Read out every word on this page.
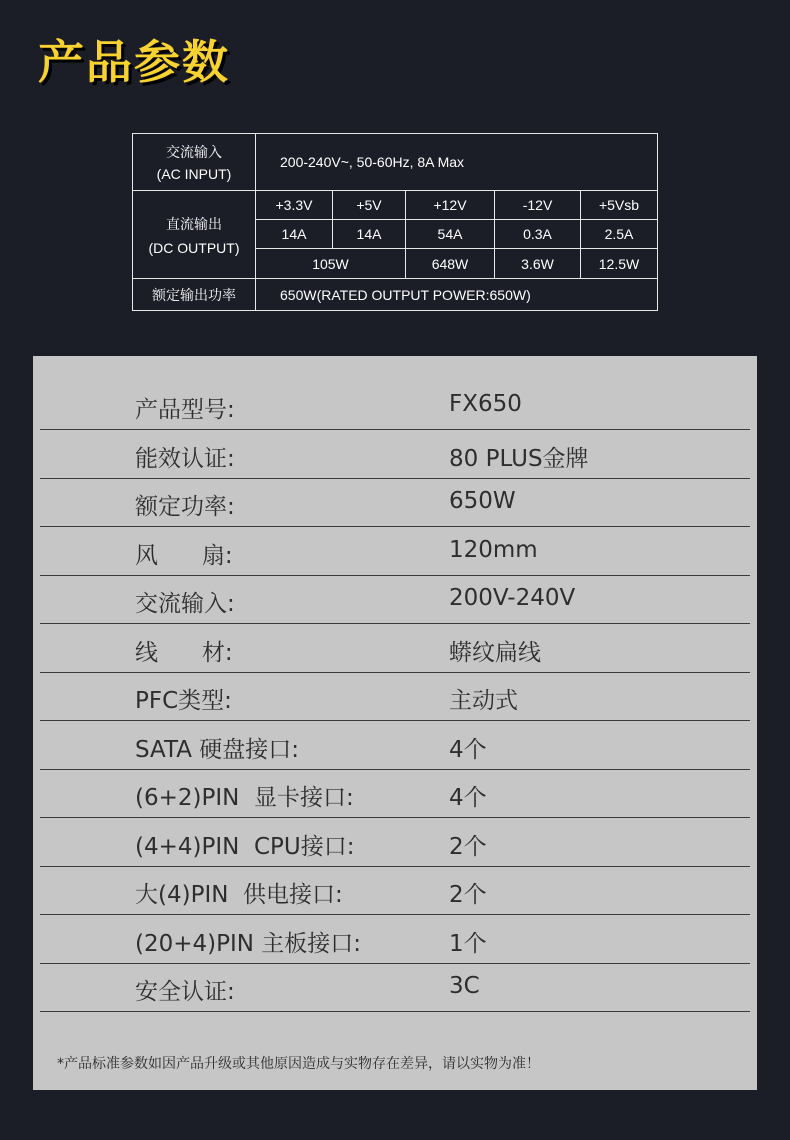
产品参数
交流输入
(AC INPUT)	200-240V~, 50-60Hz, 8A Max				

直流输出
(DC OUTPUT)	+3.3V	+5V	+12V	-12V	+5Vsb
	14A	14A	54A	0.3A	2.5A
	105W		648W	3.6W	12.5W
额定输出功率	650W(RATED OUTPUT POWER:650W)				
产品型号:	FX650
能效认证:	80 PLUS金牌
额定功率:	650W
风      扇:	120mm
交流输入:	200V-240V
线      材:	蟒纹扁线
PFC类型:	主动式
SATA 硬盘接口:	4个
(6+2)PIN  显卡接口:	4个
(4+4)PIN  CPU接口:	2个
大(4)PIN  供电接口:	2个
(20+4)PIN 主板接口:	1个
安全认证:	3C
*产品标准参数如因产品升级或其他原因造成与实物存在差异，请以实物为准！
